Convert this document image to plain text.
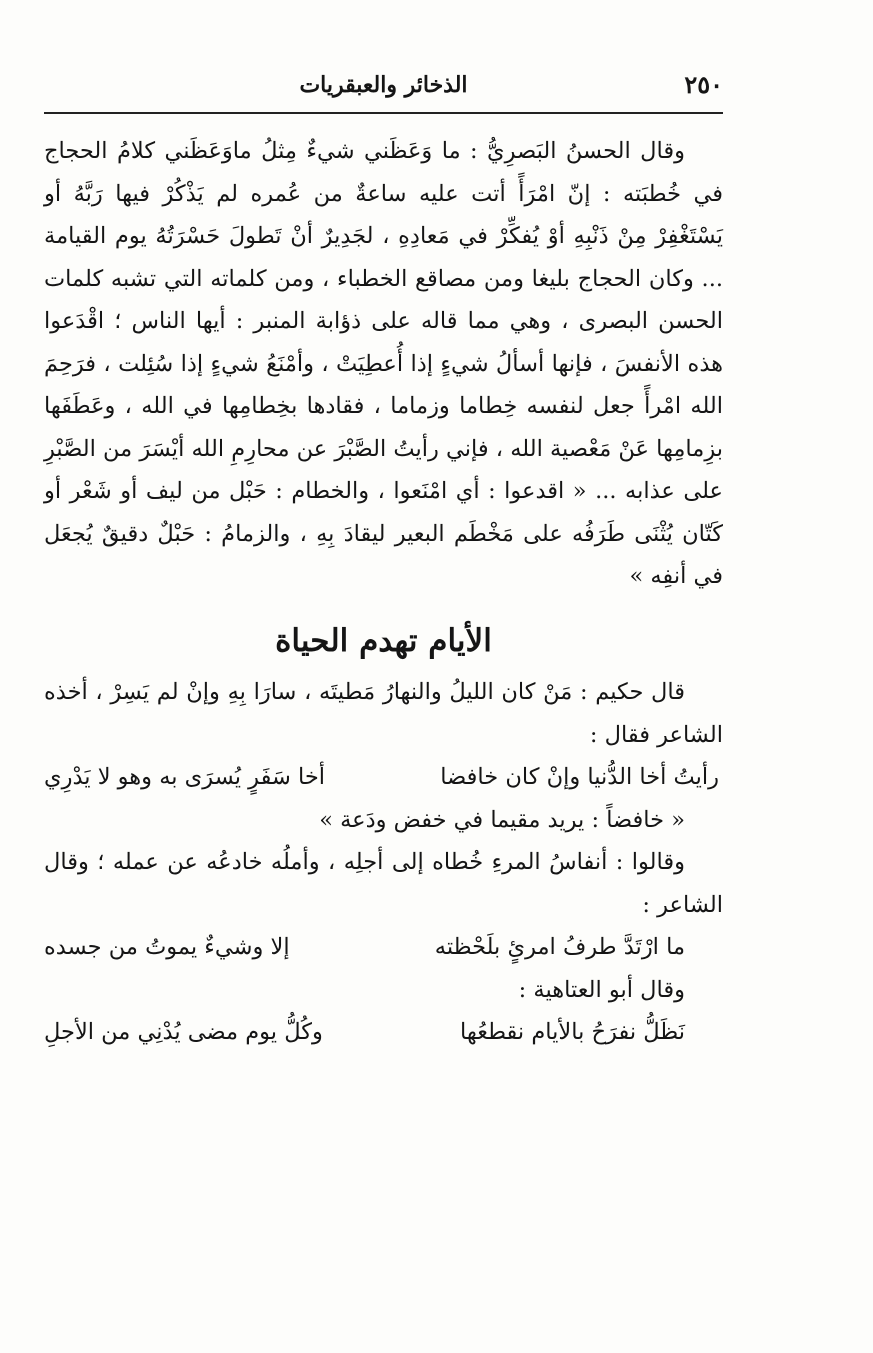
٢٥٠
الذخائر والعبقريات

وقال الحسنُ البَصرِيُّ : ما وَعَظَني شيءٌ مِثلُ ماوَعَظَني كلامُ الحجاج في خُطبَته : إنّ امْرَأً أتت عليه ساعةٌ من عُمره لم يَذْكُرْ فيها رَبَّهُ أو يَسْتَغْفِرْ مِنْ ذَنْبِهِ أوْ يُفكِّرْ في مَعادِهِ ، لجَدِيرٌ أنْ تَطولَ حَسْرَتُهُ يوم القيامة ... وكان الحجاج بليغا ومن مصاقع الخطباء ، ومن كلماته التي تشبه كلمات الحسن البصرى ، وهي مما قاله على ذؤابة المنبر : أيها الناس ؛ اقْدَعوا هذه الأنفسَ ، فإنها أسألُ شيءٍ إذا أُعطِيَتْ ، وأمْنَعُ شيءٍ إذا سُئِلت ، فرَحِمَ الله امْرأً جعل لنفسه خِطاما وزماما ، فقادها بخِطامِها في الله ، وعَطَفَها بزِمامِها عَنْ مَعْصية الله ، فإني رأيتُ الصَّبْرَ عن محارِمِ الله أيْسَرَ من الصَّبْرِ على عذابه ... « اقدعوا : أي امْنَعوا ، والخطام : حَبْل من ليف أو شَعْر أو كَتّان يُثْنَى طَرَفُه على مَخْطَم البعير ليقادَ بِهِ ، والزمامُ : حَبْلٌ دقيقٌ يُجعَل في أنفِه »

الأيام تهدم الحياة

قال حكيم : مَنْ كان الليلُ والنهارُ مَطيتَه ، سارَا بِهِ وإنْ لم يَسِرْ ، أخذه الشاعر فقال :

رأيتُ أخا الدُّنيا وإنْ كان خافضا
أخا سَفَرٍ يُسرَى به وهو لا يَدْرِي

« خافضاً : يريد مقيما في خفض ودَعة »

وقالوا : أنفاسُ المرءِ خُطاه إلى أجلِه ، وأملُه خادعُه عن عمله ؛ وقال الشاعر :

ما ارْتَدَّ طرفُ امرئٍ بلَحْظته
إلا وشيءٌ يموتُ من جسده

وقال أبو العتاهية :

نَظَلُّ نفرَحُ بالأيام نقطعُها
وكُلُّ يوم مضى يُدْنِي من الأجلِ
